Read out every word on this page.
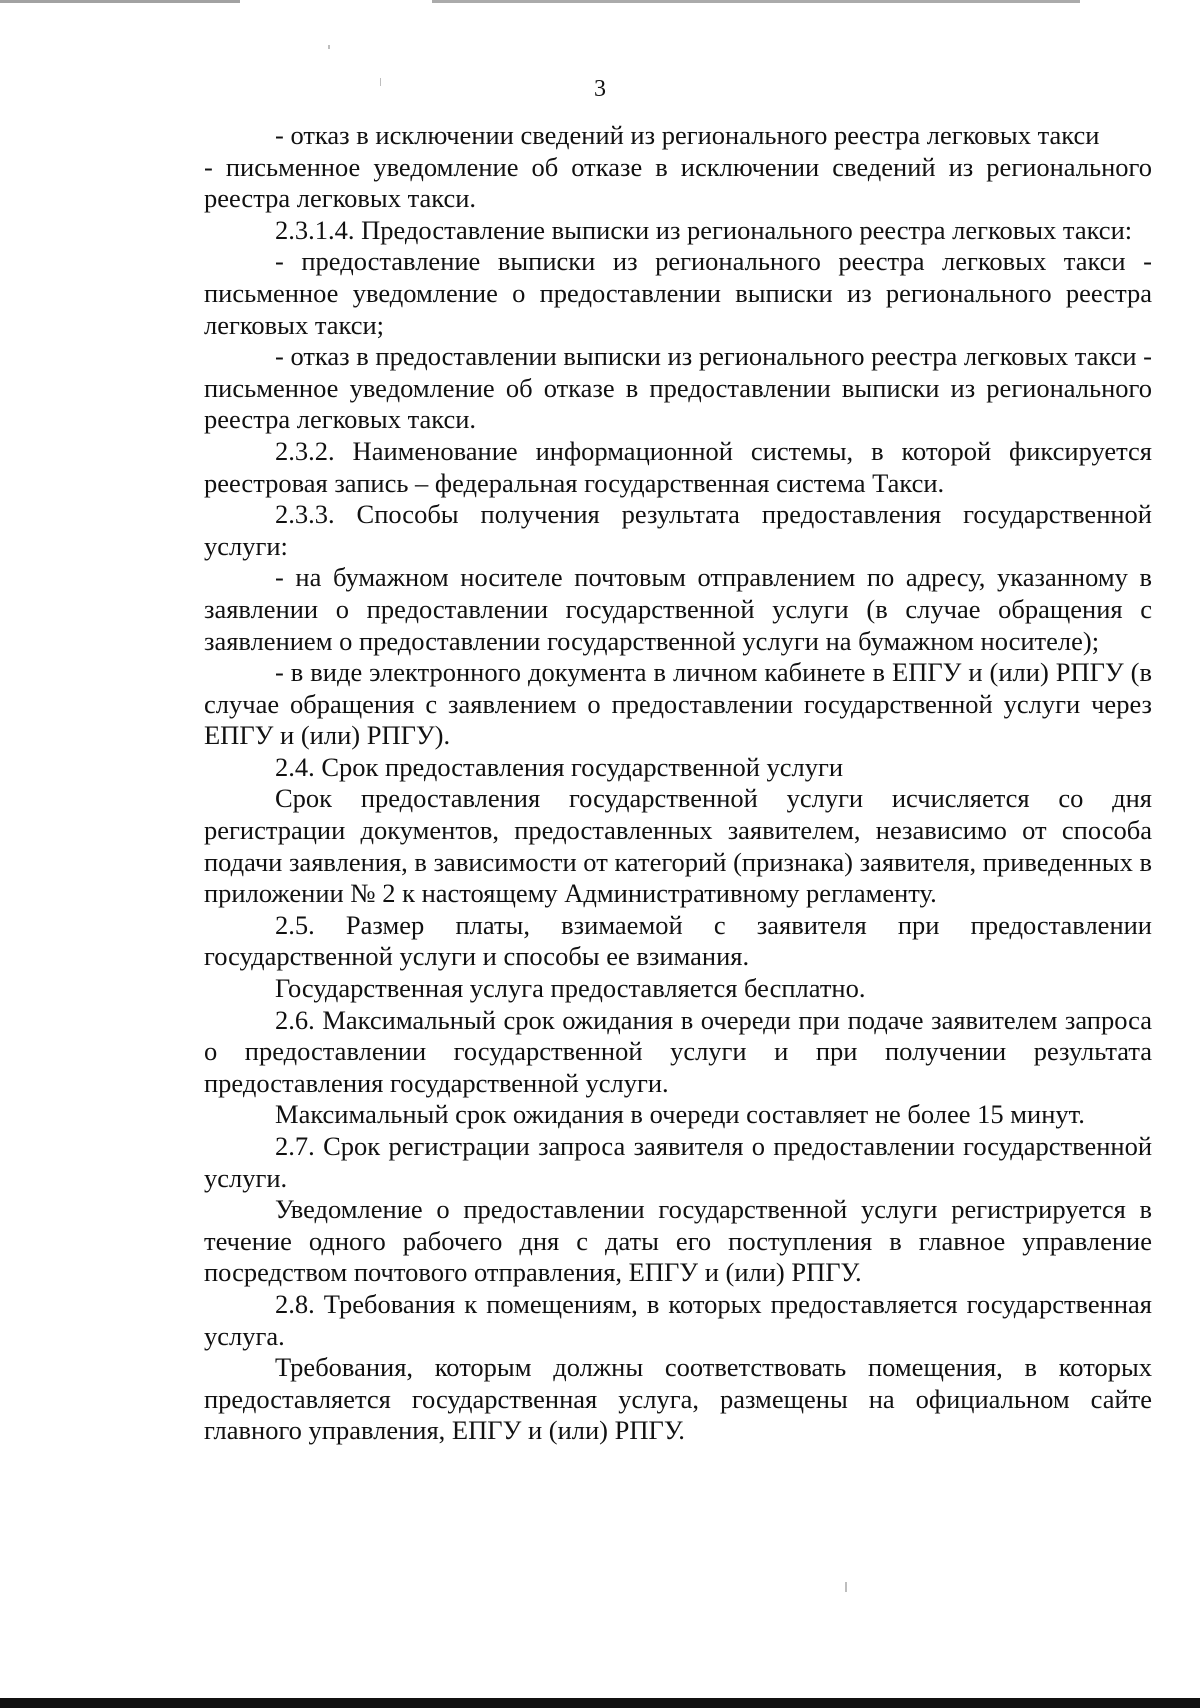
3

- отказ в исключении сведений из регионального реестра легковых такси

- письменное уведомление об отказе в исключении сведений из регионального реестра легковых такси.

2.3.1.4. Предоставление выписки из регионального реестра легковых такси:

- предоставление выписки из регионального реестра легковых такси - письменное уведомление о предоставлении выписки из регионального реестра легковых такси;

- отказ в предоставлении выписки из регионального реестра легковых такси - письменное уведомление об отказе в предоставлении выписки из регионального реестра легковых такси.

2.3.2. Наименование информационной системы, в которой фиксируется реестровая запись – федеральная государственная система Такси.

2.3.3. Способы получения результата предоставления государственной услуги:

- на бумажном носителе почтовым отправлением по адресу, указанному в заявлении о предоставлении государственной услуги (в случае обращения с заявлением о предоставлении государственной услуги на бумажном носителе);

- в виде электронного документа в личном кабинете в ЕПГУ и (или) РПГУ (в случае обращения с заявлением о предоставлении государственной услуги через ЕПГУ и (или) РПГУ).

2.4. Срок предоставления государственной услуги

Срок предоставления государственной услуги исчисляется со дня регистрации документов, предоставленных заявителем, независимо от способа подачи заявления, в зависимости от категорий (признака) заявителя, приведенных в приложении № 2 к настоящему Административному регламенту.

2.5. Размер платы, взимаемой с заявителя при предоставлении государственной услуги и способы ее взимания.

Государственная услуга предоставляется бесплатно.

2.6. Максимальный срок ожидания в очереди при подаче заявителем запроса о предоставлении государственной услуги и при получении результата предоставления государственной услуги.

Максимальный срок ожидания в очереди составляет не более 15 минут.

2.7. Срок регистрации запроса заявителя о предоставлении государственной услуги.

Уведомление о предоставлении государственной услуги регистрируется в течение одного рабочего дня с даты его поступления в главное управление посредством почтового отправления, ЕПГУ и (или) РПГУ.

2.8. Требования к помещениям, в которых предоставляется государственная услуга.

Требования, которым должны соответствовать помещения, в которых предоставляется государственная услуга, размещены на официальном сайте главного управления, ЕПГУ и (или) РПГУ.
